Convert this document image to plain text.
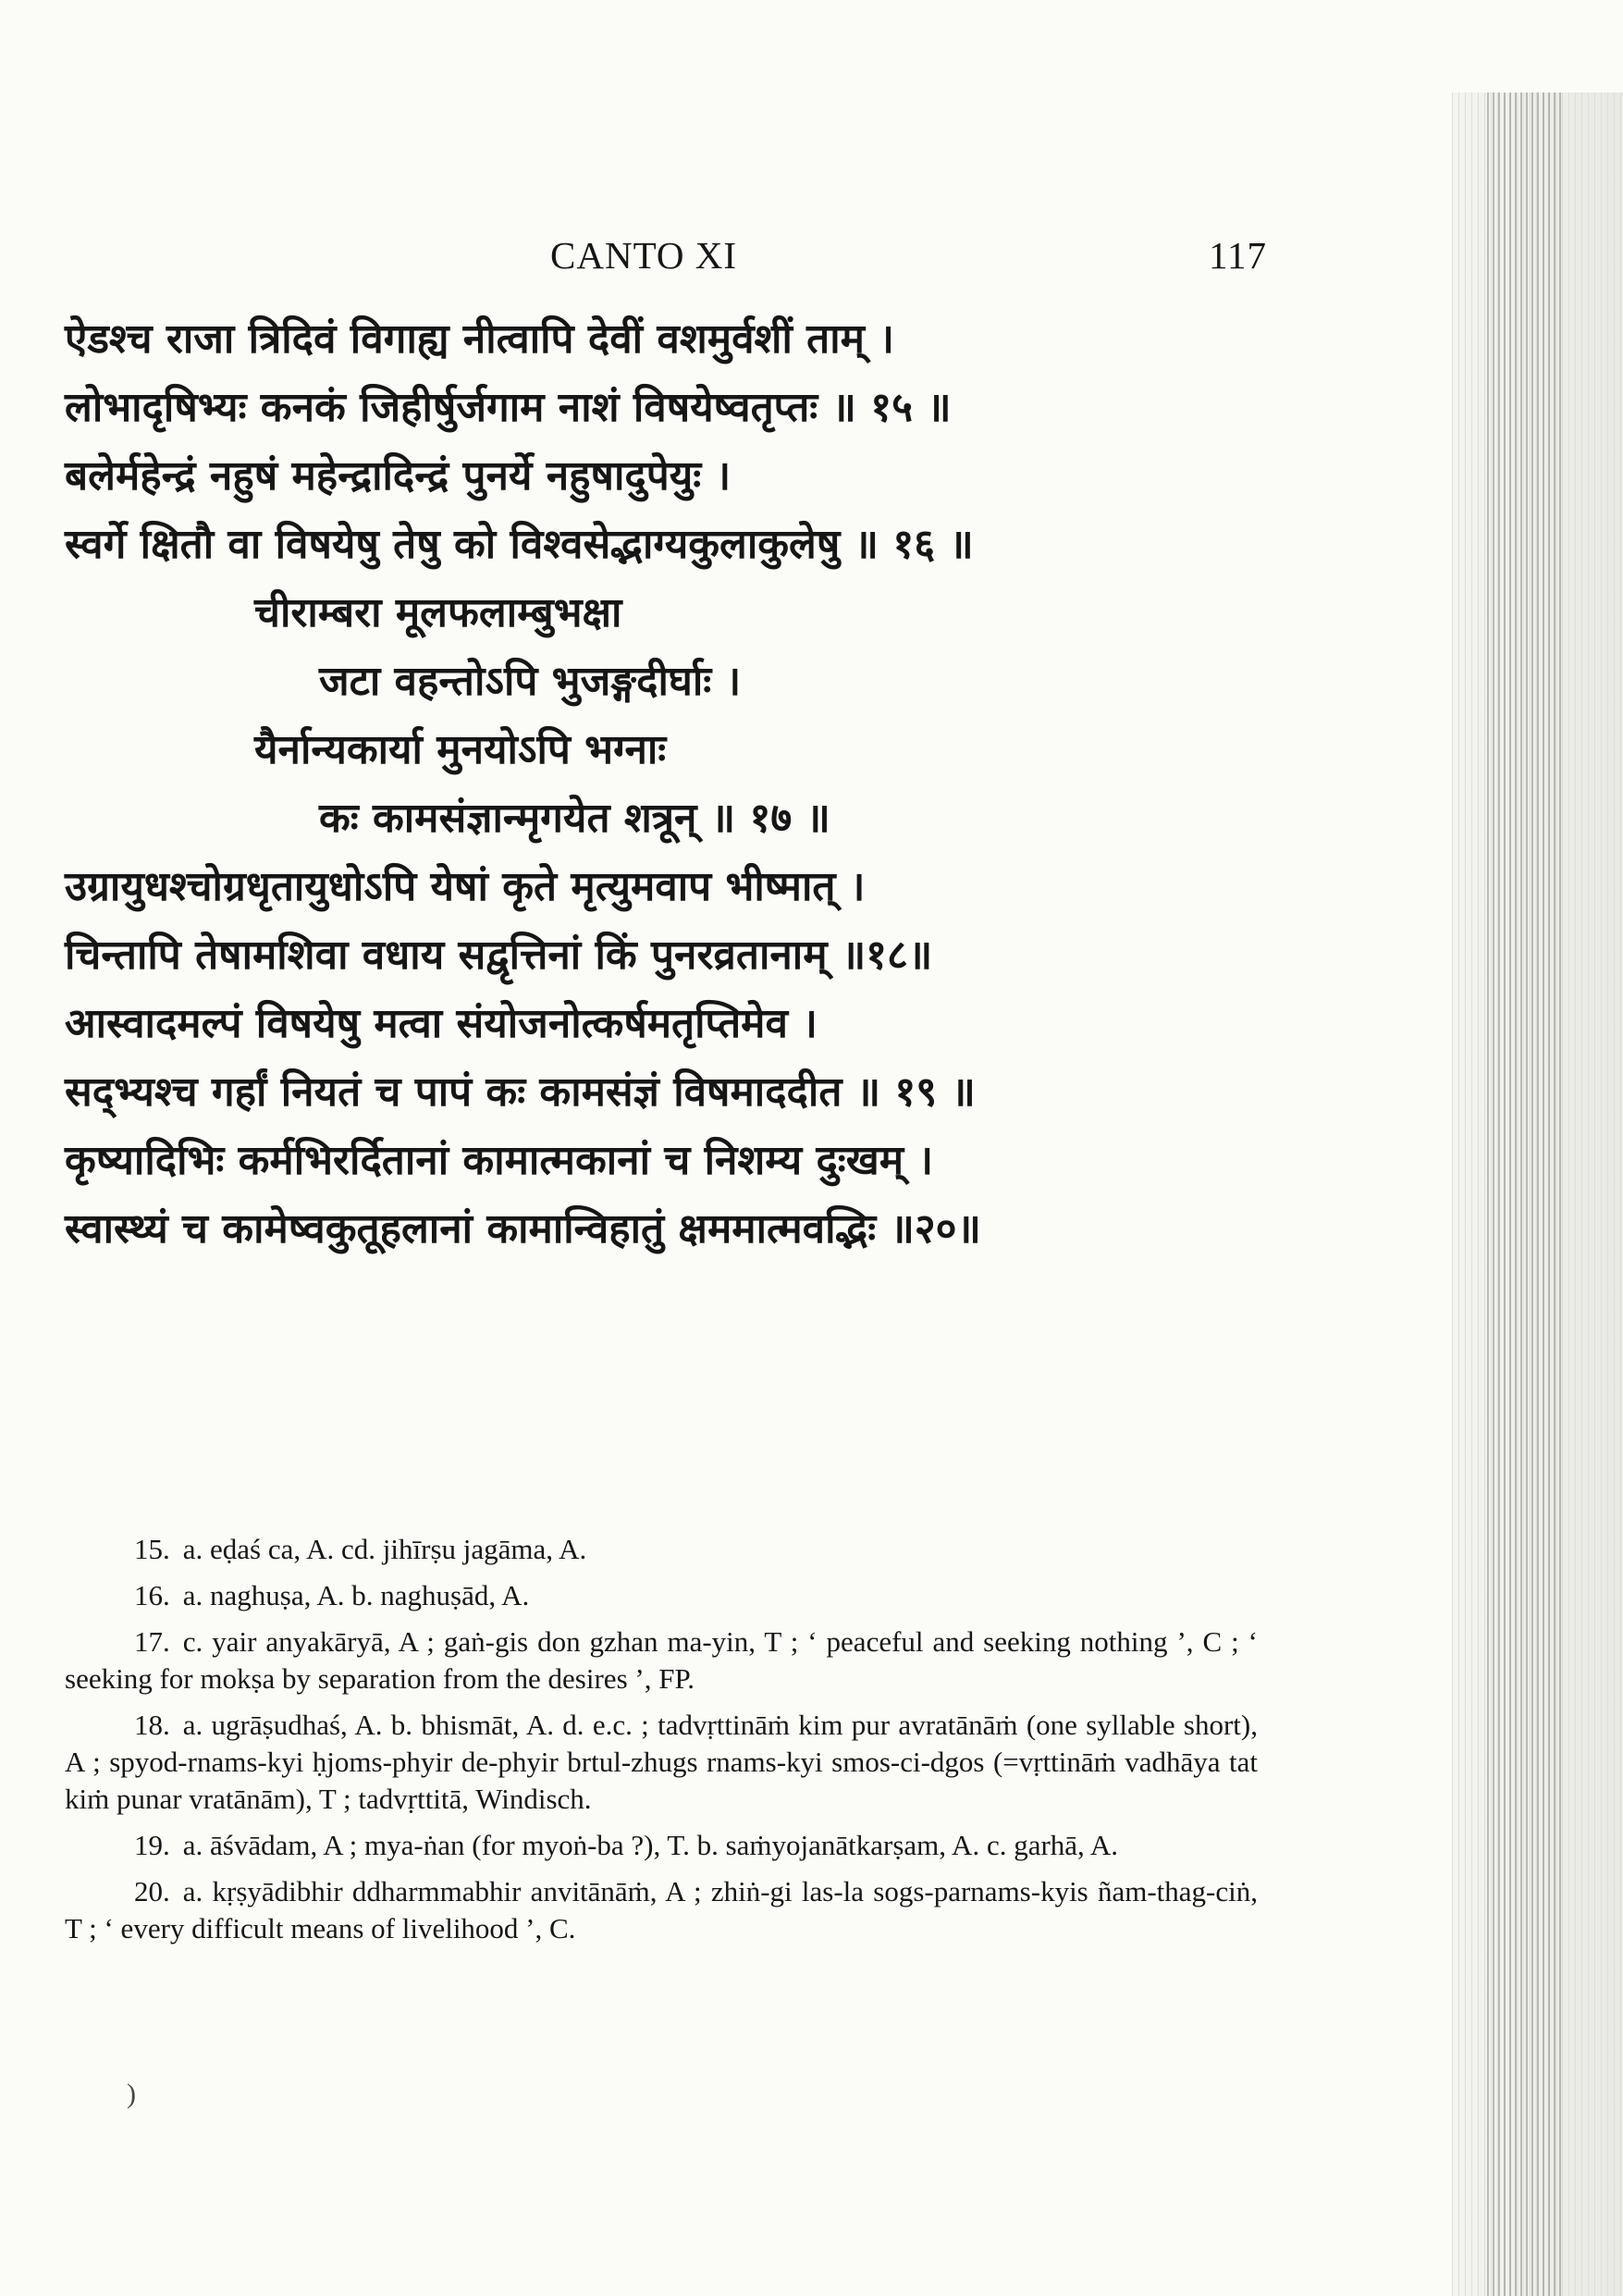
CANTO XI	117
ऐडश्च राजा त्रिदिवं विगाह्य नीत्वापि देवीं वशमुर्वशीं ताम् ।
लोभादृषिभ्यः कनकं जिहीर्षुर्जगाम नाशं विषयेष्वतृप्तः ॥ १५ ॥
बलेर्महेन्द्रं नहुषं महेन्द्रादिन्द्रं पुनर्ये नहुषादुपेयुः ।
स्वर्गे क्षितौ वा विषयेषु तेषु को विश्वसेद्भाग्यकुलाकुलेषु ॥ १६ ॥
चीराम्बरा मूलफलाम्बुभक्षा
जटा वहन्तोऽपि भुजङ्गदीर्घाः ।
यैर्नान्यकार्या मुनयोऽपि भग्नाः
कः कामसंज्ञान्मृगयेत शत्रून् ॥ १७ ॥
उग्रायुधश्चोग्रधृतायुधोऽपि येषां कृते मृत्युमवाप भीष्मात् ।
चिन्तापि तेषामशिवा वधाय सद्वृत्तिनां किं पुनरव्रतानाम् ॥१८॥
आस्वादमल्पं विषयेषु मत्वा संयोजनोत्कर्षमतृप्तिमेव ।
सद्भ्यश्च गर्हां नियतं च पापं कः कामसंज्ञं विषमाददीत ॥ १९ ॥
कृष्यादिभिः कर्मभिरर्दितानां कामात्मकानां च निशम्य दुःखम् ।
स्वास्थ्यं च कामेष्वकुतूहलानां कामान्विहातुं क्षममात्मवद्भिः ॥२०॥
15. a. eḍaś ca, A. cd. jihīrṣu jagāma, A.
16. a. naghuṣa, A. b. naghuṣād, A.
17. c. yair anyakāryā, A ; gaṅ-gis don gzhan ma-yin, T ; ‘ peaceful and seeking nothing ’, C ; ‘ seeking for mokṣa by separation from the desires ’, FP.
18. a. ugrāṣudhaś, A. b. bhismāt, A. d. e.c. ; tadvṛttināṁ kim pur avratānāṁ (one syllable short), A ; spyod-rnams-kyi ḥjoms-phyir de-phyir brtul-zhugs rnams-kyi smos-ci-dgos (=vṛttināṁ vadhāya tat kiṁ punar vratānām), T ; tadvṛttitā, Windisch.
19. a. āśvādam, A ; mya-ṅan (for myoṅ-ba ?), T. b. saṁyojanātkarṣam, A. c. garhā, A.
20. a. kṛṣyādibhir ddharmmabhir anvitānāṁ, A ; zhiṅ-gi las-la sogs-parnams-kyis ñam-thag-ciṅ, T ; ‘ every difficult means of livelihood ’, C.
)
